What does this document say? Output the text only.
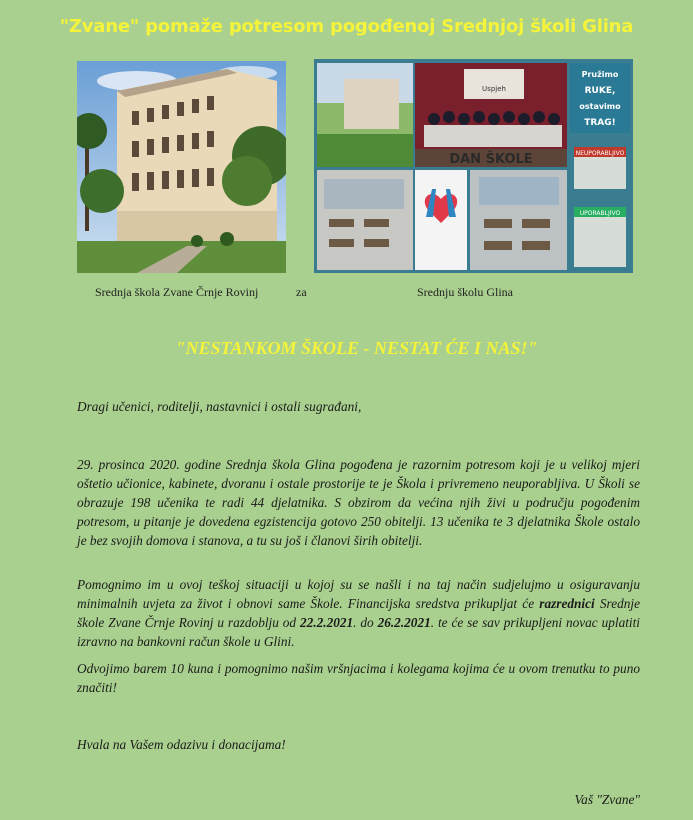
"Zvane" pomaže potresom pogođenoj Srednjoj školi Glina
Uspjeh
DAN ŠKOLE
Pružimo
RUKE,
ostavimo
TRAG!
NEUPORABLJIVO
UPORABLJIVO
Srednja škola Zvane Črnje Rovinj	za	Srednju školu Glina
"NESTANKOM ŠKOLE - NESTAT ĆE I NAS!"

Dragi učenici, roditelji, nastavnici i ostali sugrađani,

29. prosinca 2020. godine Srednja škola Glina pogođena je razornim potresom koji je u velikoj mjeri oštetio učionice, kabinete, dvoranu i ostale prostorije te je Škola i privremeno neuporabljiva. U Školi se obrazuje 198 učenika te radi 44 djelatnika. S obzirom da većina njih živi u području pogođenim potresom, u pitanje je dovedena egzistencija gotovo 250 obitelji. 13 učenika te 3 djelatnika Škole ostalo je bez svojih domova i stanova, a tu su još i članovi širih obitelji.

Pomognimo im u ovoj teškoj situaciji u kojoj su se našli i na taj način sudjelujmo u osiguravanju minimalnih uvjeta za život i obnovi same Škole. Financijska sredstva prikupljat će razrednici Srednje škole Zvane Črnje Rovinj u razdoblju od 22.2.2021. do 26.2.2021. te će se sav prikupljeni novac uplatiti izravno na bankovni račun škole u Glini.

Odvojimo barem 10 kuna i pomognimo našim vršnjacima i kolegama kojima će u ovom trenutku to puno značiti!

Hvala na Vašem odazivu i donacijama!

Vaš "Zvane"
